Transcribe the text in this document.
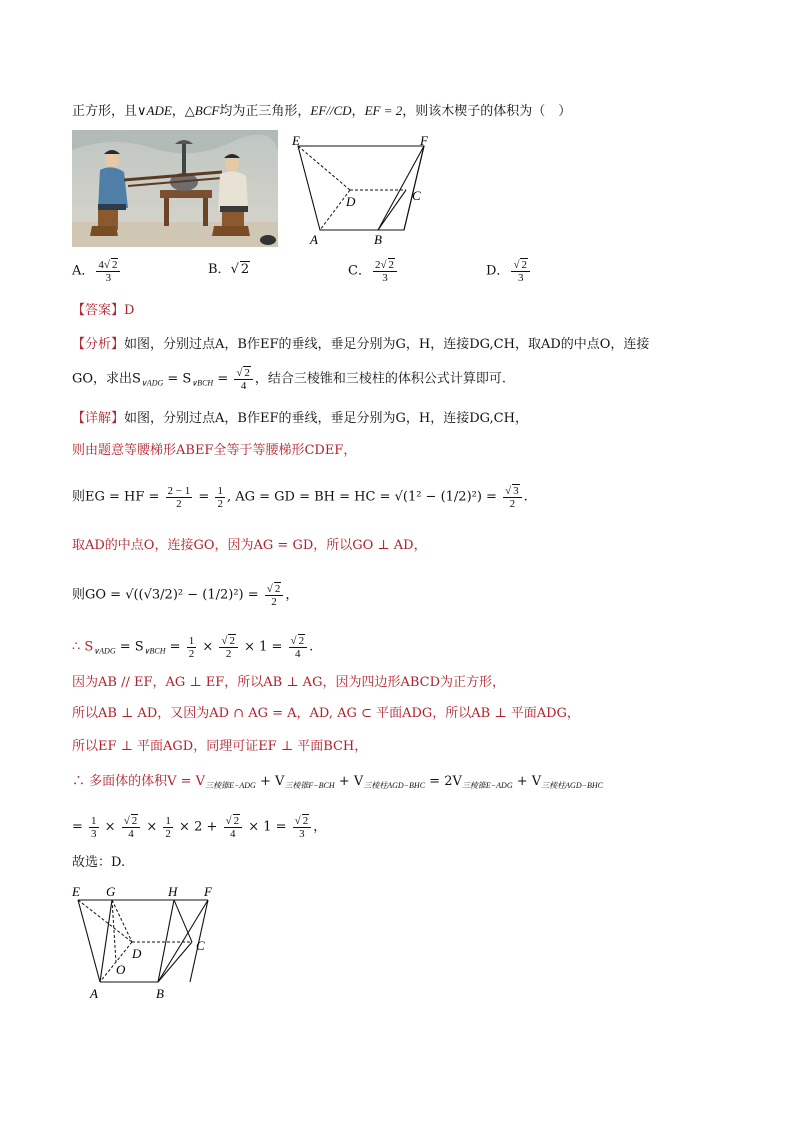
正方形，且∨ADE，△BCF均为正三角形，EF//CD，EF = 2，则该木楔子的体积为（　）
E	F
D	C
A	B
A． $\frac{4√ 2}{3}$	B．√ 2	C． $\frac{2√ 2}{3}$	D． $\frac{√ 2}{3}$
【答案】D
【分析】如图，分别过点A，B作EF的垂线，垂足分别为G，H，连接DG,CH，取AD的中点O，连接
GO，求出$S_{\vee ADG} = S_{\vee BCH} = \frac{√ 2}{4}$ ，结合三棱锥和三棱柱的体积公式计算即可.
【详解】如图，分别过点A，B作EF的垂线，垂足分别为G，H，连接DG,CH，
则由题意等腰梯形ABEF全等于等腰梯形CDEF，
则EG = HF = $\frac{2 - 1}{2} = \frac{1}{2}$ , AG = GD = BH = HC = $√(1^2 - (1/2)^2) = \frac{√ 3}{2}$ .
取AD的中点O，连接GO，因为AG = GD，所以GO ⊥ AD，
则GO = $√((√3/2)^2 - (1/2)^2) = \frac{√ 2}{2}$ ，
∴ $S_{\vee ADG} = S_{\vee BCH} = \frac{1}{2} \times \frac{√ 2}{2} \times 1 = \frac{√ 2}{4}$ .
因为AB // EF，AG ⊥ EF，所以AB ⊥ AG，因为四边形ABCD为正方形，
所以AB ⊥ AD，又因为AD ∩ AG = A，AD, AG ⊂ 平面ADG，所以AB ⊥ 平面ADG，
所以EF ⊥ 平面AGD，同理可证EF ⊥ 平面BCH，
∴ 多面体的体积$V = V_{三棱锥E-ADG} + V_{三棱锥F-BCH} + V_{三棱柱AGD-BHC} = 2V_{三棱锥E-ADG} + V_{三棱柱AGD-BHC}$
= $\frac{1}{3} \times \frac{√ 2}{4} \times \frac{1}{2} \times 2 + \frac{√ 2}{4} \times 1 = \frac{√ 2}{3}$ ，
故选：D.
E G	H F
D
C
O
A	B
